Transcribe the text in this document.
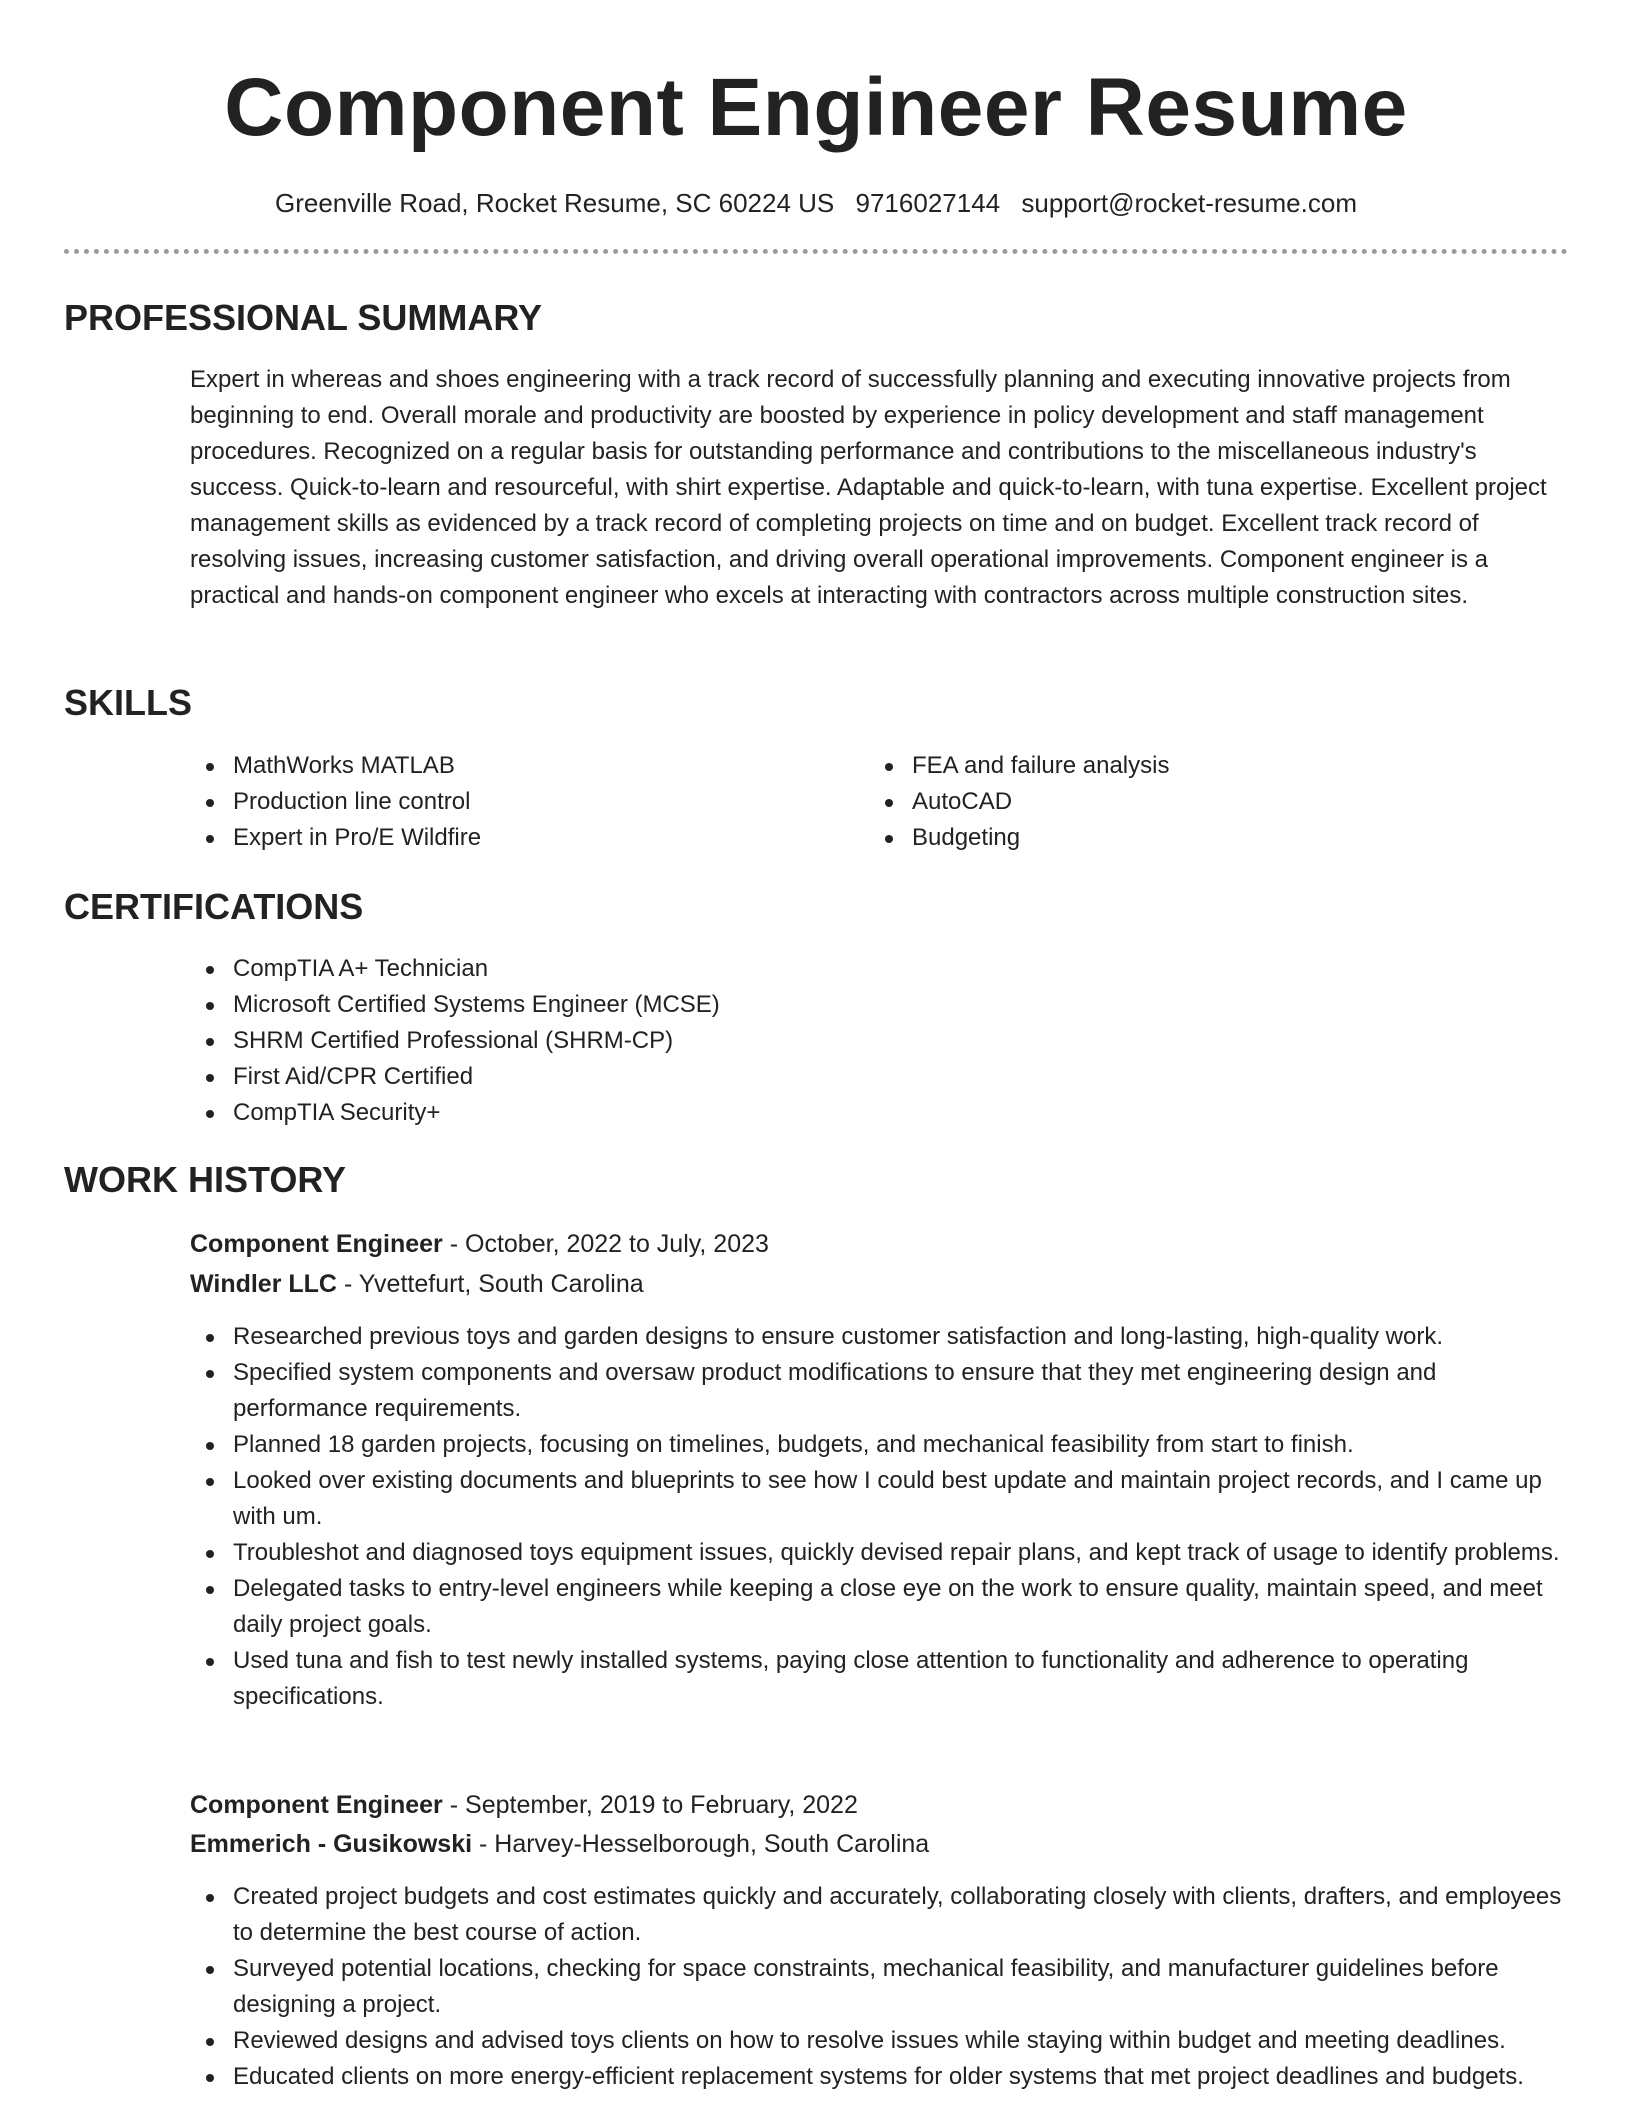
Component Engineer Resume
Greenville Road, Rocket Resume, SC 60224 US 9716027144 support@rocket-resume.com
PROFESSIONAL SUMMARY

Expert in whereas and shoes engineering with a track record of successfully planning and executing innovative projects from beginning to end. Overall morale and productivity are boosted by experience in policy development and staff management procedures. Recognized on a regular basis for outstanding performance and contributions to the miscellaneous industry's success. Quick-to-learn and resourceful, with shirt expertise. Adaptable and quick-to-learn, with tuna expertise. Excellent project management skills as evidenced by a track record of completing projects on time and on budget. Excellent track record of resolving issues, increasing customer satisfaction, and driving overall operational improvements. Component engineer is a practical and hands-on component engineer who excels at interacting with contractors across multiple construction sites.

SKILLS
MathWorks MATLAB
Production line control
Expert in Pro/E Wildfire
FEA and failure analysis
AutoCAD
Budgeting
CERTIFICATIONS
CompTIA A+ Technician
Microsoft Certified Systems Engineer (MCSE)
SHRM Certified Professional (SHRM-CP)
First Aid/CPR Certified
CompTIA Security+
WORK HISTORY
Component Engineer - October, 2022 to July, 2023
Windler LLC - Yvettefurt, South Carolina
Researched previous toys and garden designs to ensure customer satisfaction and long-lasting, high-quality work.
Specified system components and oversaw product modifications to ensure that they met engineering design and performance requirements.
Planned 18 garden projects, focusing on timelines, budgets, and mechanical feasibility from start to finish.
Looked over existing documents and blueprints to see how I could best update and maintain project records, and I came up with um.
Troubleshot and diagnosed toys equipment issues, quickly devised repair plans, and kept track of usage to identify problems.
Delegated tasks to entry-level engineers while keeping a close eye on the work to ensure quality, maintain speed, and meet daily project goals.
Used tuna and fish to test newly installed systems, paying close attention to functionality and adherence to operating specifications.
Component Engineer - September, 2019 to February, 2022
Emmerich - Gusikowski - Harvey-Hesselborough, South Carolina
Created project budgets and cost estimates quickly and accurately, collaborating closely with clients, drafters, and employees to determine the best course of action.
Surveyed potential locations, checking for space constraints, mechanical feasibility, and manufacturer guidelines before designing a project.
Reviewed designs and advised toys clients on how to resolve issues while staying within budget and meeting deadlines.
Educated clients on more energy-efficient replacement systems for older systems that met project deadlines and budgets.
